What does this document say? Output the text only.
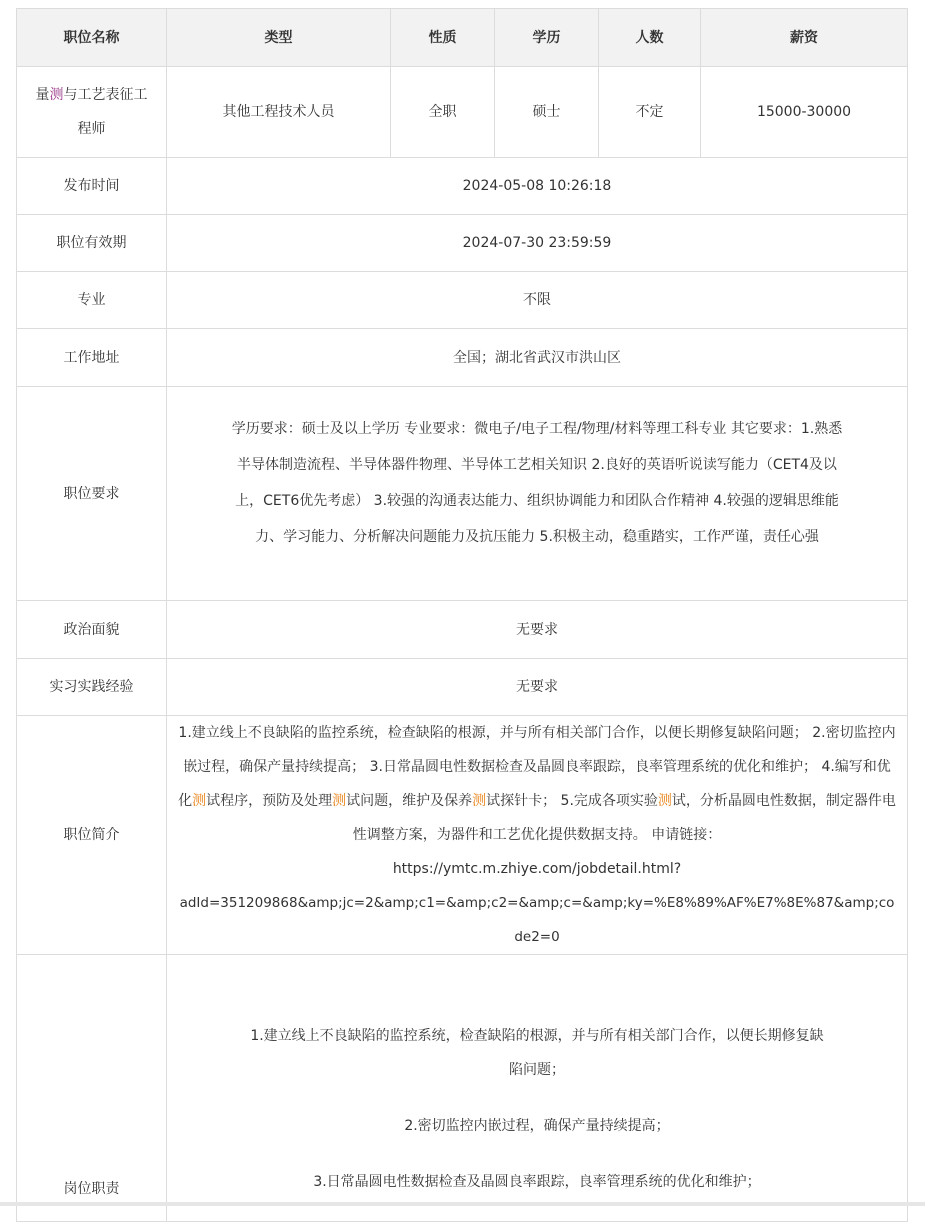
职位名称	类型	性质	学历	人数	薪资
量测与工艺表征工程师	其他工程技术人员	全职	硕士	不定	15000-30000
发布时间	2024-05-08 10:26:18				
职位有效期	2024-07-30 23:59:59				
专业	不限				
工作地址	全国；湖北省武汉市洪山区				
职位要求	学历要求：硕士及以上学历 专业要求：微电子/电子工程/物理/材料等理工科专业 其它要求：1.熟悉半导体制造流程、半导体器件物理、半导体工艺相关知识 2.良好的英语听说读写能力（CET4及以上，CET6优先考虑） 3.较强的沟通表达能力、组织协调能力和团队合作精神 4.较强的逻辑思维能力、学习能力、分析解决问题能力及抗压能力 5.积极主动，稳重踏实，工作严谨，责任心强				
政治面貌	无要求				
实习实践经验	无要求				
职位简介	1.建立线上不良缺陷的监控系统，检查缺陷的根源，并与所有相关部门合作，以便长期修复缺陷问题； 2.密切监控内嵌过程，确保产量持续提高； 3.日常晶圆电性数据检查及晶圆良率跟踪，良率管理系统的优化和维护； 4.编写和优化测试程序，预防及处理测试问题，维护及保养测试探针卡； 5.完成各项实验测试，分析晶圆电性数据，制定器件电性调整方案，为器件和工艺优化提供数据支持。 申请链接：
https://ymtc.m.zhiye.com/jobdetail.html?
adId=351209868&amp;jc=2&amp;c1=&amp;c2=&amp;c=&amp;ky=%E8%89%AF%E7%8E%87&amp;code2=0				
岗位职责	1.建立线上不良缺陷的监控系统，检查缺陷的根源，并与所有相关部门合作，以便长期修复缺陷问题；

2.密切监控内嵌过程，确保产量持续提高；

3.日常晶圆电性数据检查及晶圆良率跟踪，良率管理系统的优化和维护；				
